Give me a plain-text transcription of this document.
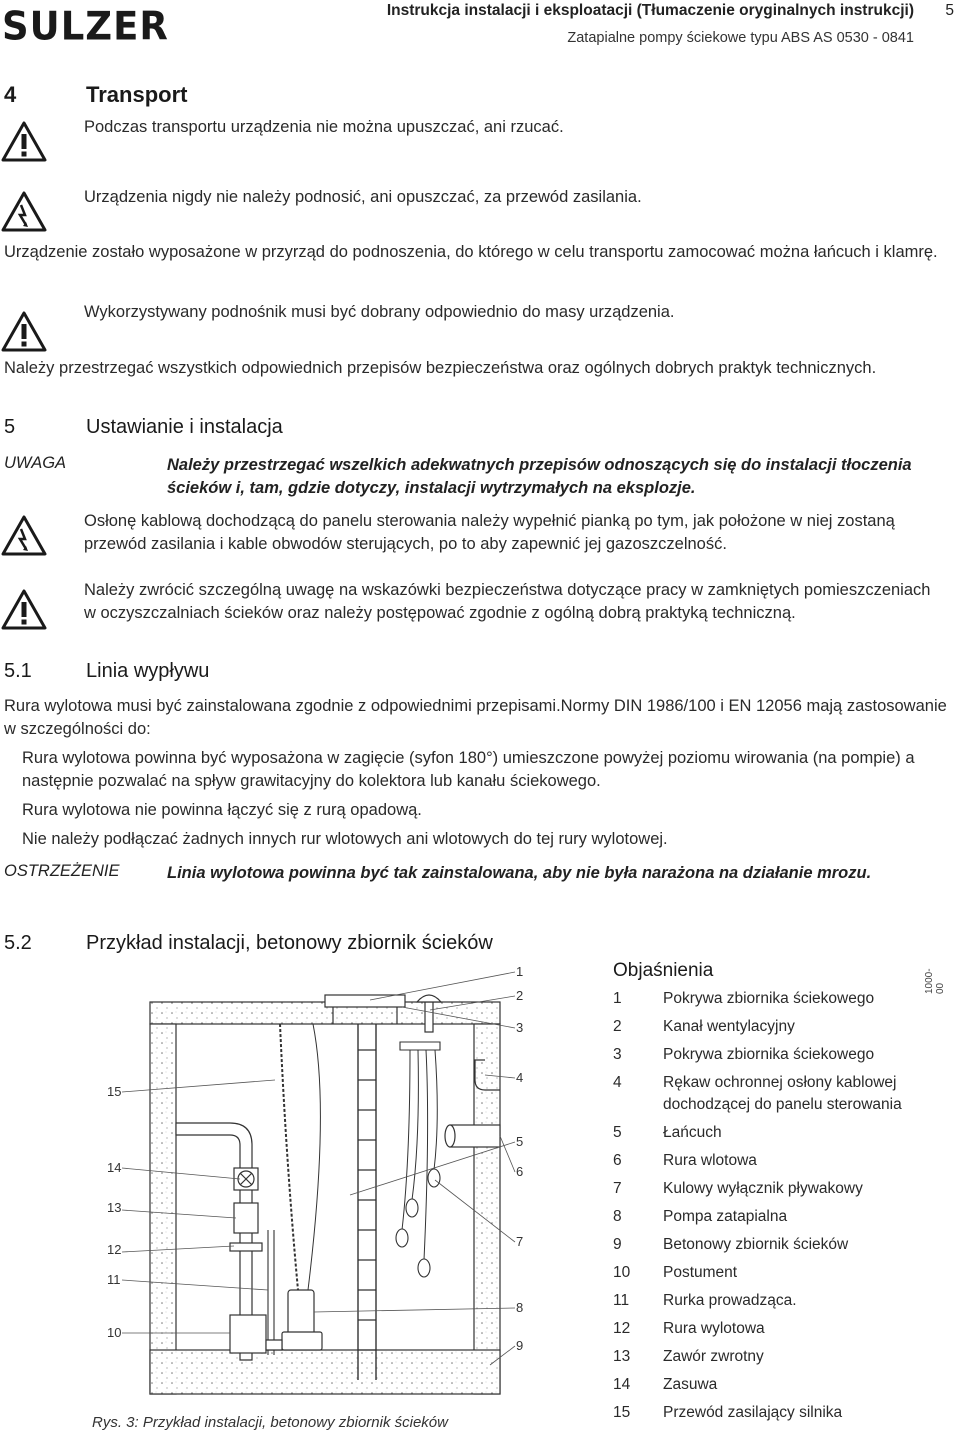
SULZER	Instrukcja instalacji i eksploatacji (Tłumaczenie oryginalnych instrukcji) 5
Zatapialne pompy ściekowe typu ABS AS 0530 - 0841
4	Transport
Podczas transportu urządzenia nie można upuszczać, ani rzucać.
Urządzenia nigdy nie należy podnosić, ani opuszczać, za przewód zasilania.
Urządzenie zostało wyposażone w przyrząd do podnoszenia, do którego w celu transportu zamocować można łańcuch i klamrę.
Wykorzystywany podnośnik musi być dobrany odpowiednio do masy urządzenia.
Należy przestrzegać wszystkich odpowiednich przepisów bezpieczeństwa oraz ogólnych dobrych praktyk technicznych.
5	Ustawianie i instalacja
UWAGA	Należy przestrzegać wszelkich adekwatnych przepisów odnoszących się do instalacji tłoczenia ścieków i, tam, gdzie dotyczy, instalacji wytrzymałych na eksplozje.
Osłonę kablową dochodzącą do panelu sterowania należy wypełnić pianką po tym, jak położone w niej zostaną przewód zasilania i kable obwodów sterujących, po to aby zapewnić jej gazoszczelność.
Należy zwrócić szczególną uwagę na wskazówki bezpieczeństwa dotyczące pracy w zamkniętych pomieszczeniach w oczyszczalniach ścieków oraz należy postępować zgodnie z ogólną dobrą praktyką techniczną.
5.1	Linia wypływu
Rura wylotowa musi być zainstalowana zgodnie z odpowiednimi przepisami.Normy DIN 1986/100 i EN 12056 mają zastosowanie w szczególności do:
Rura wylotowa powinna być wyposażona w zagięcie (syfon 180°) umieszczone powyżej poziomu wirowania (na pompie) a następnie pozwalać na spływ grawitacyjny do kolektora lub kanału ściekowego.
Rura wylotowa nie powinna łączyć się z rurą opadową.
Nie należy podłączać żadnych innych rur wlotowych ani wlotowych do tej rury wylotowej.
OSTRZEŻENIE	Linia wylotowa powinna być tak zainstalowana, aby nie była narażona na działanie mrozu.
5.2	Przykład instalacji, betonowy zbiornik ścieków
1
2
3
4
5
6
7
8
9
15
14
13
12
11
10
Rys. 3: Przykład instalacji, betonowy zbiornik ścieków
Objaśnienia	1000-00
1	Pokrywa zbiornika ściekowego
2	Kanał wentylacyjny
3	Pokrywa zbiornika ściekowego
4	Rękaw ochronnej osłony kablowej dochodzącej do panelu sterowania
5	Łańcuch
6	Rura wlotowa
7	Kulowy wyłącznik pływakowy
8	Pompa zatapialna
9	Betonowy zbiornik ścieków
10 Postument
11 Rurka prowadząca.
12 Rura wylotowa
13 Zawór zwrotny
14 Zasuwa
15 Przewód zasilający silnika
